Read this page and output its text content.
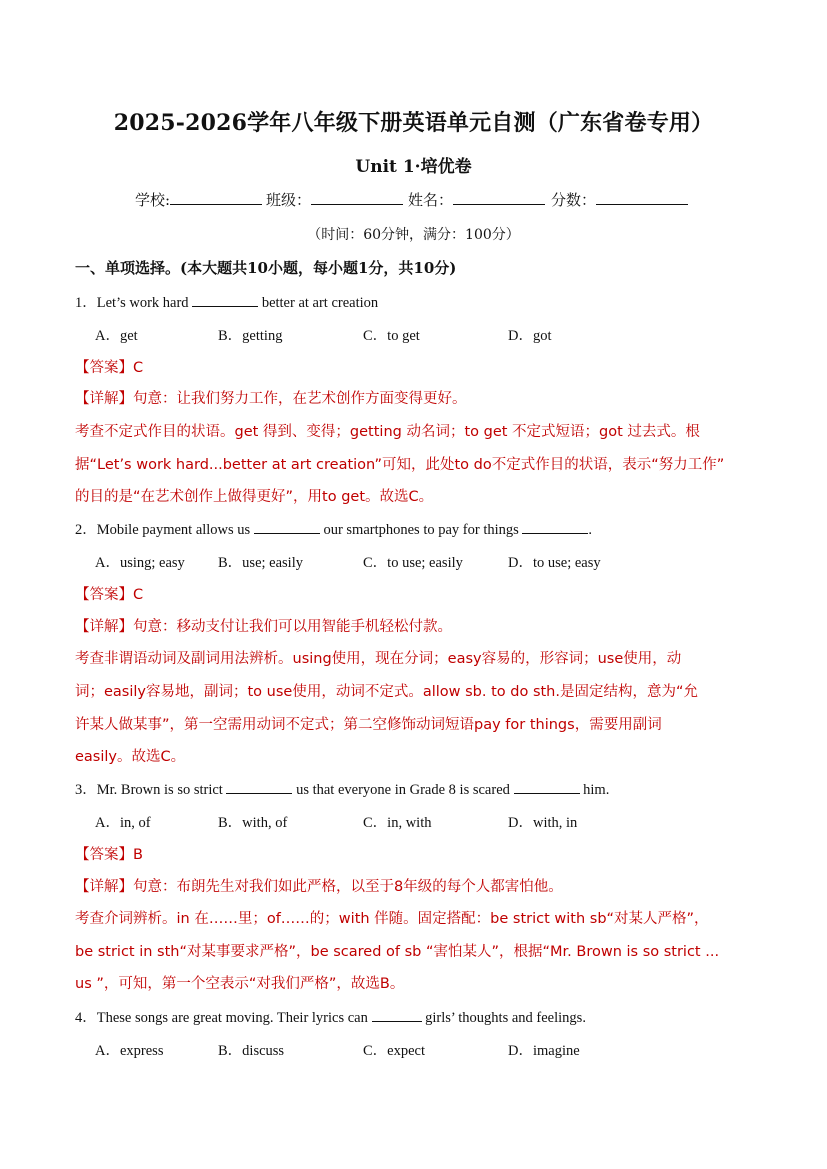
2025-2026学年八年级下册英语单元自测（广东省卷专用）
Unit 1·培优卷
学校:	班级：	姓名：	分数：
（时间：60分钟，满分：100分）
一、单项选择。(本大题共10小题，每小题1分，共10分)
1．Let’s work hard	better at art creation
A．get	B．getting	C．to get	D．got
【答案】C
【详解】句意：让我们努力工作，在艺术创作方面变得更好。
考查不定式作目的状语。get 得到、变得；getting 动名词；to get 不定式短语；got 过去式。根
据“Let’s work hard...better at art creation”可知，此处to do不定式作目的状语，表示“努力工作”
的目的是“在艺术创作上做得更好”，用to get。故选C。
2．Mobile payment allows us	our smartphones to pay for things	.
A．using; easy B．use; easily	C．to use; easily	D．to use; easy
【答案】C
【详解】句意：移动支付让我们可以用智能手机轻松付款。
考查非谓语动词及副词用法辨析。using使用，现在分词；easy容易的，形容词；use使用，动
词；easily容易地，副词；to use使用，动词不定式。allow sb. to do sth.是固定结构，意为“允
许某人做某事”，第一空需用动词不定式；第二空修饰动词短语pay for things，需要用副词
easily。故选C。
3．Mr. Brown is so strict	us that everyone in Grade 8 is scared	him.
A．in, of	B．with, of	C．in, with	D．with, in
【答案】B
【详解】句意：布朗先生对我们如此严格，以至于8年级的每个人都害怕他。
考查介词辨析。in 在……里；of……的；with 伴随。固定搭配：be strict with sb“对某人严格”，
be strict in sth“对某事要求严格”，be scared of sb “害怕某人”，根据“Mr. Brown is so strict ...
us ”，可知，第一个空表示“对我们严格”，故选B。
4．These songs are great moving. Their lyrics can	girls’ thoughts and feelings.
A．express	B．discuss	C．expect	D．imagine
